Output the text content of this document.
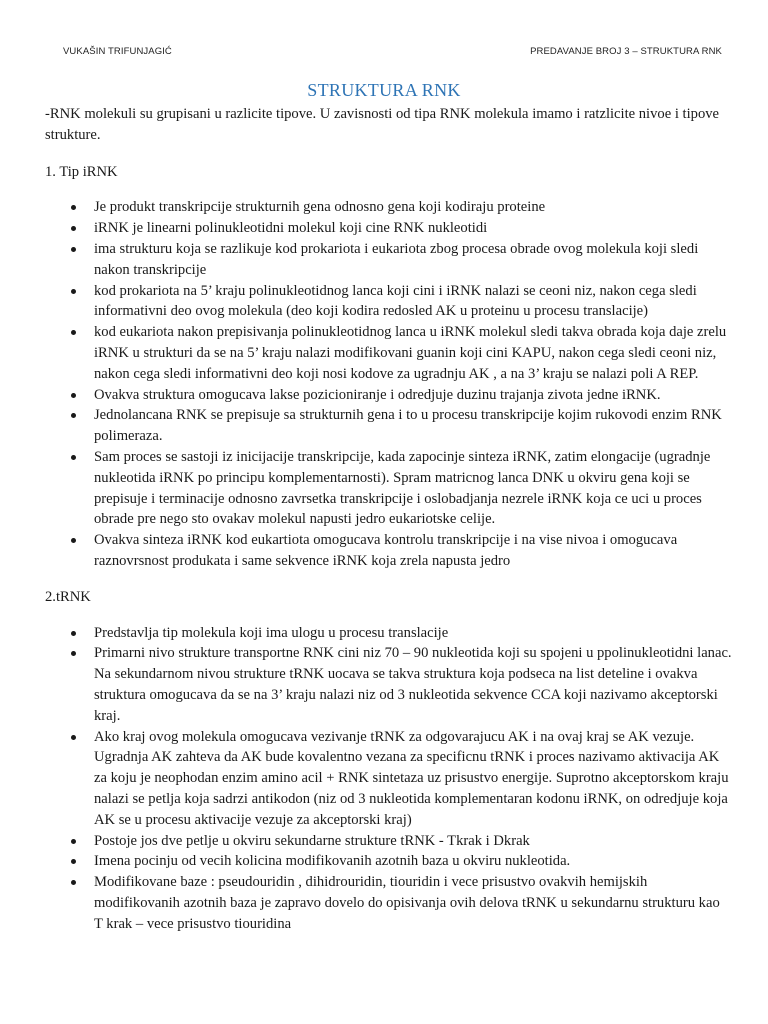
VUKAŠIN TRIFUNJAGIĆ	PREDAVANJE BROJ 3 – STRUKTURA RNK
STRUKTURA RNK

-RNK molekuli su grupisani u razlicite tipove. U zavisnosti od tipa RNK molekula imamo i ratzlicite nivoe i tipove strukture.

1. Tip iRNK

Je produkt transkripcije strukturnih gena odnosno gena koji kodiraju proteine
iRNK je linearni polinukleotidni molekul koji cine RNK nukleotidi
ima strukturu koja se razlikuje kod prokariota i eukariota zbog procesa obrade ovog molekula koji sledi nakon transkripcije
kod prokariota na 5’ kraju polinukleotidnog lanca koji cini i iRNK nalazi se ceoni niz, nakon cega sledi informativni deo ovog molekula (deo koji kodira redosled AK u proteinu u procesu translacije)
kod eukariota nakon prepisivanja polinukleotidnog lanca u iRNK molekul sledi takva obrada koja daje zrelu iRNK u strukturi da se na 5’ kraju nalazi modifikovani guanin koji cini KAPU, nakon cega sledi ceoni niz, nakon cega sledi informativni deo koji nosi kodove za ugradnju AK , a na 3’ kraju se nalazi poli A REP.
Ovakva struktura omogucava lakse pozicioniranje i odredjuje duzinu trajanja zivota jedne iRNK.
Jednolancana RNK se prepisuje sa strukturnih gena i to u procesu transkripcije kojim rukovodi enzim RNK polimeraza.
Sam proces se sastoji iz inicijacije transkripcije, kada zapocinje sinteza iRNK, zatim elongacije (ugradnje nukleotida iRNK po principu komplementarnosti). Spram matricnog lanca DNK u okviru gena koji se prepisuje i terminacije odnosno zavrsetka transkripcije i oslobadjanja nezrele iRNK koja ce uci u proces obrade pre nego sto ovakav molekul napusti jedro eukariotske celije.
Ovakva sinteza iRNK kod eukartiota omogucava kontrolu transkripcije i na vise nivoa i omogucava raznovrsnost produkata i same sekvence iRNK koja zrela napusta jedro

2.tRNK

Predstavlja tip molekula koji ima ulogu u procesu translacije
Primarni nivo strukture transportne RNK cini niz 70 – 90 nukleotida koji su spojeni u ppolinukleotidni lanac. Na sekundarnom nivou strukture tRNK uocava se takva struktura koja podseca na list deteline i ovakva struktura omogucava da se na 3’ kraju nalazi niz od 3 nukleotida sekvence CCA koji nazivamo akceptorski kraj.
Ako kraj ovog molekula omogucava vezivanje tRNK za odgovarajucu AK i na ovaj kraj se AK vezuje. Ugradnja AK zahteva da AK bude kovalentno vezana za specificnu tRNK i proces nazivamo aktivacija AK za koju je neophodan enzim amino acil + RNK sintetaza uz prisustvo energije. Suprotno akceptorskom kraju nalazi se petlja koja sadrzi antikodon (niz od 3 nukleotida komplementaran kodonu iRNK, on odredjuje koja AK se u procesu aktivacije vezuje za akceptorski kraj)
Postoje jos dve petlje u okviru sekundarne strukture tRNK - Tkrak i Dkrak
Imena pocinju od vecih kolicina modifikovanih azotnih baza u okviru nukleotida.
Modifikovane baze : pseudouridin , dihidrouridin, tiouridin i vece prisustvo ovakvih hemijskih modifikovanih azotnih baza je zapravo dovelo do opisivanja ovih delova tRNK u sekundarnu strukturu kao
T krak – vece prisustvo tiouridina
